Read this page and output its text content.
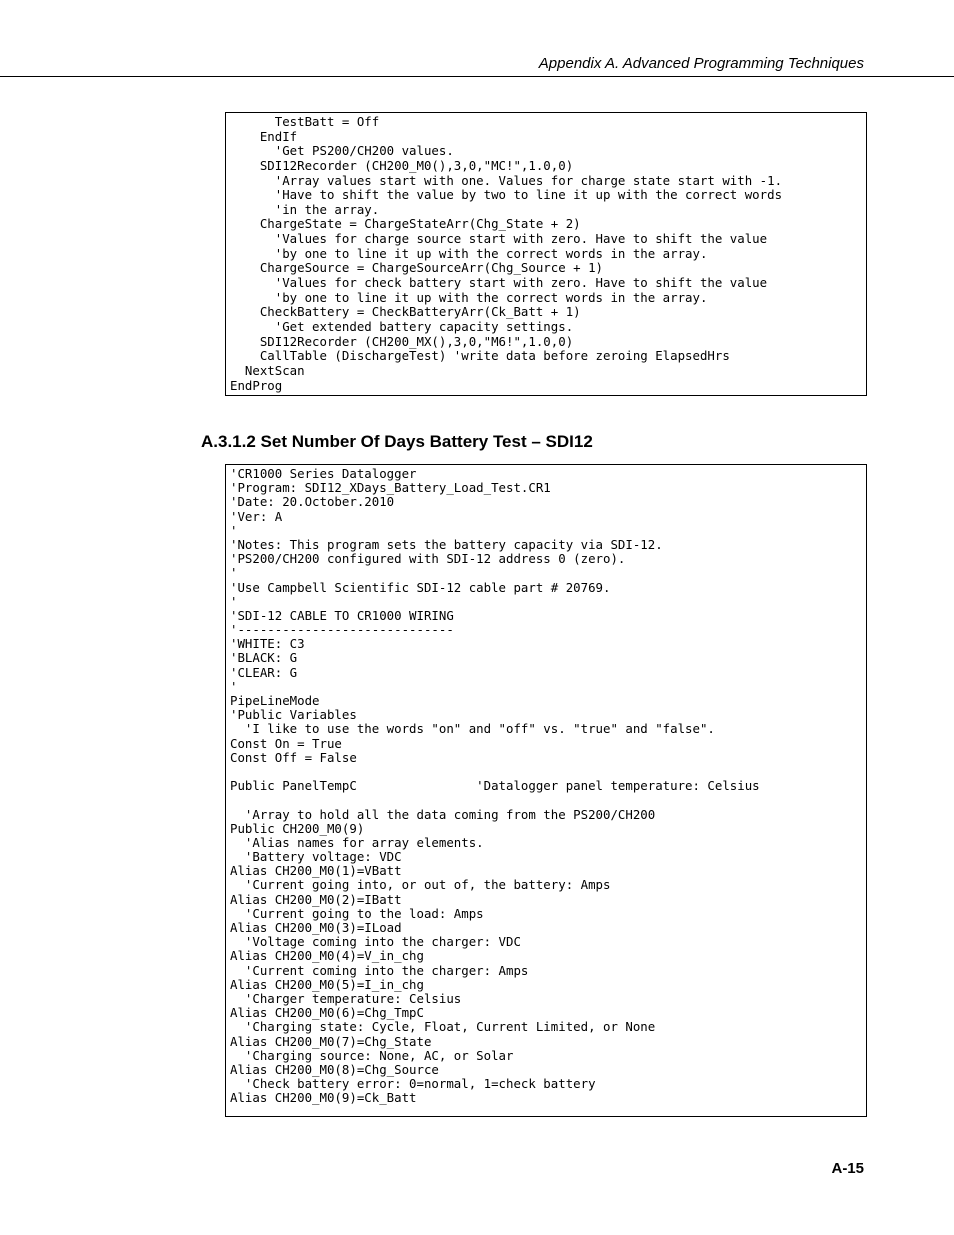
Appendix A. Advanced Programming Techniques
TestBatt = Off
EndIf
'Get PS200/CH200 values.
SDI12Recorder (CH200_M0(),3,0,"MC!",1.0,0)
'Array values start with one. Values for charge state start with -1.
'Have to shift the value by two to line it up with the correct words
'in the array.
ChargeState = ChargeStateArr(Chg_State + 2)
'Values for charge source start with zero. Have to shift the value
'by one to line it up with the correct words in the array.
ChargeSource = ChargeSourceArr(Chg_Source + 1)
'Values for check battery start with zero. Have to shift the value
'by one to line it up with the correct words in the array.
CheckBattery = CheckBatteryArr(Ck_Batt + 1)
'Get extended battery capacity settings.
SDI12Recorder (CH200_MX(),3,0,"M6!",1.0,0)
CallTable (DischargeTest) 'write data before zeroing ElapsedHrs
NextScan
EndProg
A.3.1.2 Set Number Of Days Battery Test – SDI12
'CR1000 Series Datalogger
'Program: SDI12_XDays_Battery_Load_Test.CR1
'Date: 20.October.2010
'Ver: A
'
'Notes: This program sets the battery capacity via SDI-12.
'PS200/CH200 configured with SDI-12 address 0 (zero).
'
'Use Campbell Scientific SDI-12 cable part # 20769.
'
'SDI-12 CABLE TO CR1000 WIRING
'-----------------------------
'WHITE: C3
'BLACK: G
'CLEAR: G
'
PipeLineMode
'Public Variables
'I like to use the words "on" and "off" vs. "true" and "false".
Const On = True
Const Off = False

Public PanelTempC                'Datalogger panel temperature: Celsius

'Array to hold all the data coming from the PS200/CH200
Public CH200_M0(9)
'Alias names for array elements.
'Battery voltage: VDC
Alias CH200_M0(1)=VBatt
'Current going into, or out of, the battery: Amps
Alias CH200_M0(2)=IBatt
'Current going to the load: Amps
Alias CH200_M0(3)=ILoad
'Voltage coming into the charger: VDC
Alias CH200_M0(4)=V_in_chg
'Current coming into the charger: Amps
Alias CH200_M0(5)=I_in_chg
'Charger temperature: Celsius
Alias CH200_M0(6)=Chg_TmpC
'Charging state: Cycle, Float, Current Limited, or None
Alias CH200_M0(7)=Chg_State
'Charging source: None, AC, or Solar
Alias CH200_M0(8)=Chg_Source
'Check battery error: 0=normal, 1=check battery
Alias CH200_M0(9)=Ck_Batt
A-15
